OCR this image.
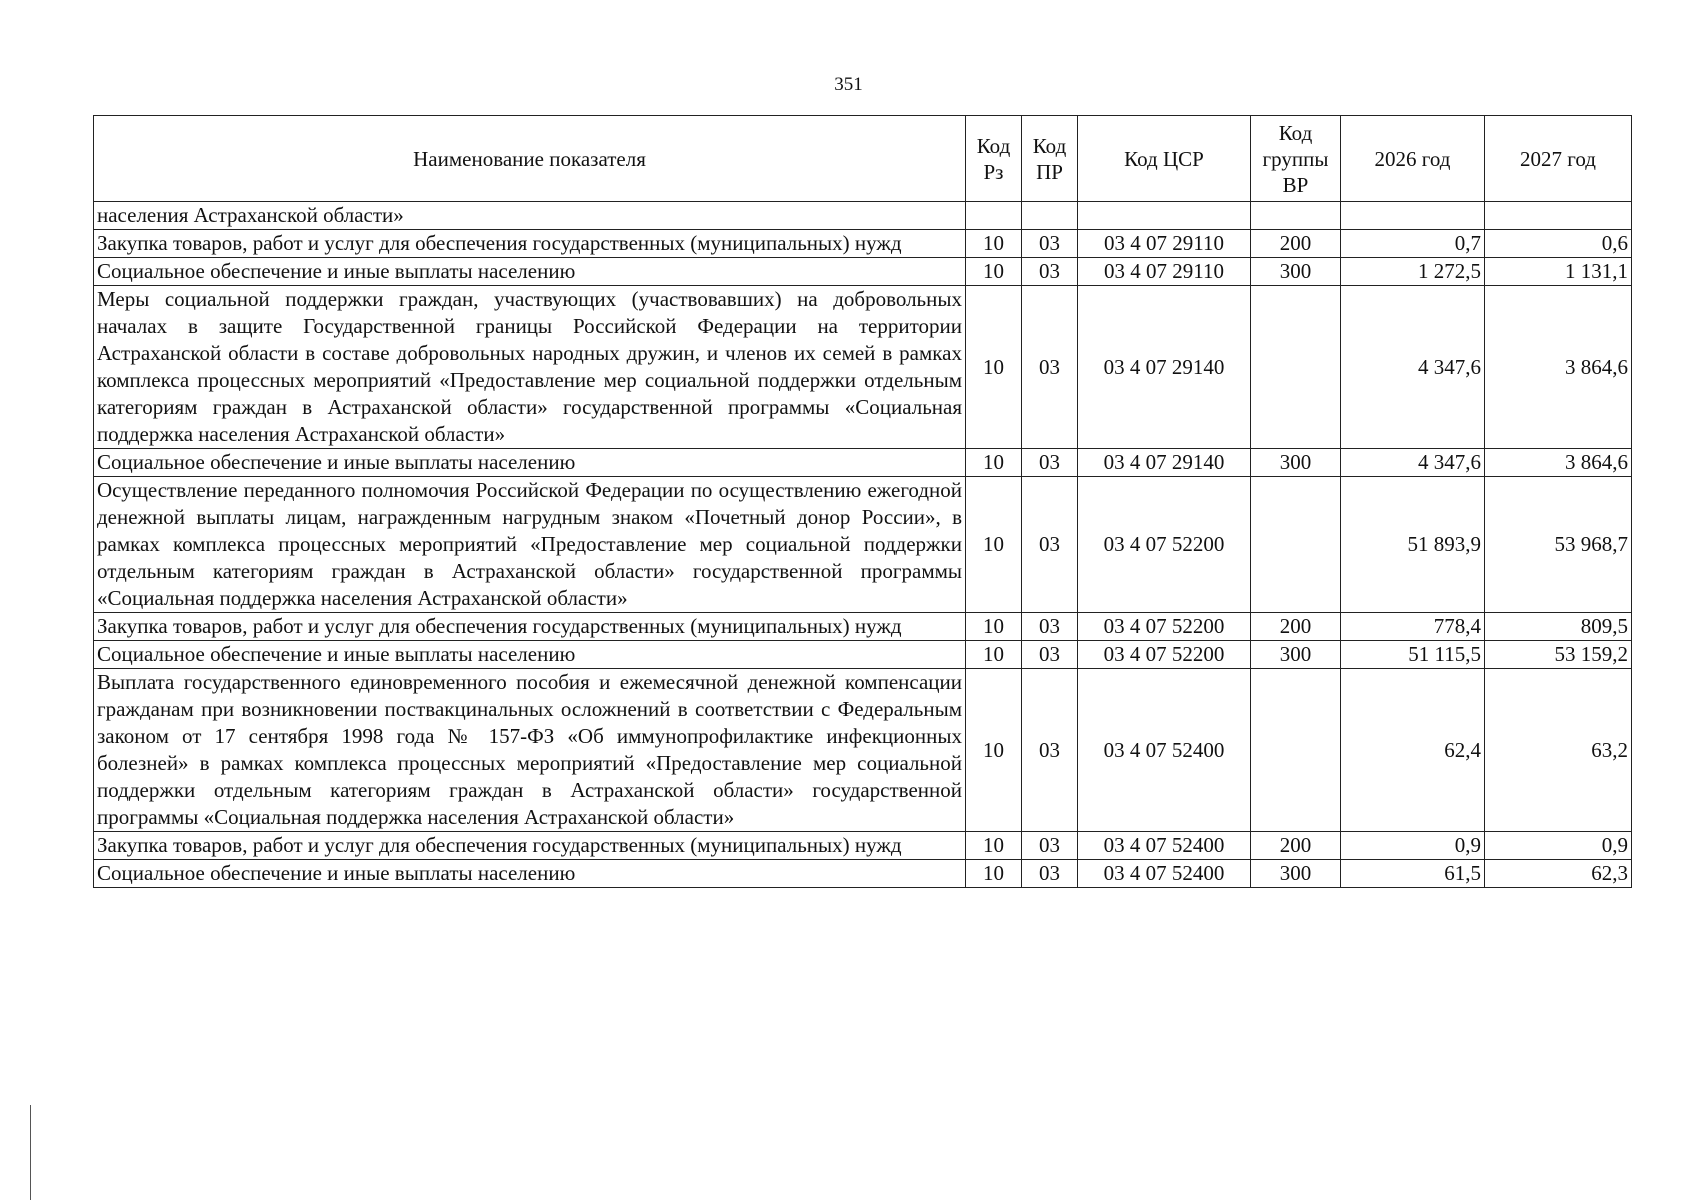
351
Наименование показателя	Код Рз	Код ПР	Код ЦСР	Код группы ВР	2026 год	2027 год
населения Астраханской области»						
Закупка товаров, работ и услуг для обеспечения государственных (муниципальных) нужд	10	03	03 4 07 29110	200	0,7	0,6
Социальное обеспечение и иные выплаты населению	10	03	03 4 07 29110	300	1 272,5	1 131,1
Меры социальной поддержки граждан, участвующих (участвовавших) на добровольных началах в защите Государственной границы Российской Федерации на территории Астраханской области в составе добровольных народных дружин, и членов их семей в рамках комплекса процессных мероприятий «Предоставление мер социальной поддержки отдельным категориям граждан в Астраханской области» государственной программы «Социальная поддержка населения Астраханской области»	10	03	03 4 07 29140		4 347,6	3 864,6
Социальное обеспечение и иные выплаты населению	10	03	03 4 07 29140	300	4 347,6	3 864,6
Осуществление переданного полномочия Российской Федерации по осуществлению ежегодной денежной выплаты лицам, награжденным нагрудным знаком «Почетный донор России», в рамках комплекса процессных мероприятий «Предоставление мер социальной поддержки отдельным категориям граждан в Астраханской области» государственной программы «Социальная поддержка населения Астраханской области»	10	03	03 4 07 52200		51 893,9	53 968,7
Закупка товаров, работ и услуг для обеспечения государственных (муниципальных) нужд	10	03	03 4 07 52200	200	778,4	809,5
Социальное обеспечение и иные выплаты населению	10	03	03 4 07 52200	300	51 115,5	53 159,2
Выплата государственного единовременного пособия и ежемесячной денежной компенсации гражданам при возникновении поствакцинальных осложнений в соответствии с Федеральным законом от 17 сентября 1998 года № 157-ФЗ «Об иммунопрофилактике инфекционных болезней» в рамках комплекса процессных мероприятий «Предоставление мер социальной поддержки отдельным категориям граждан в Астраханской области» государственной программы «Социальная поддержка населения Астраханской области»	10	03	03 4 07 52400		62,4	63,2
Закупка товаров, работ и услуг для обеспечения государственных (муниципальных) нужд	10	03	03 4 07 52400	200	0,9	0,9
Социальное обеспечение и иные выплаты населению	10	03	03 4 07 52400	300	61,5	62,3
